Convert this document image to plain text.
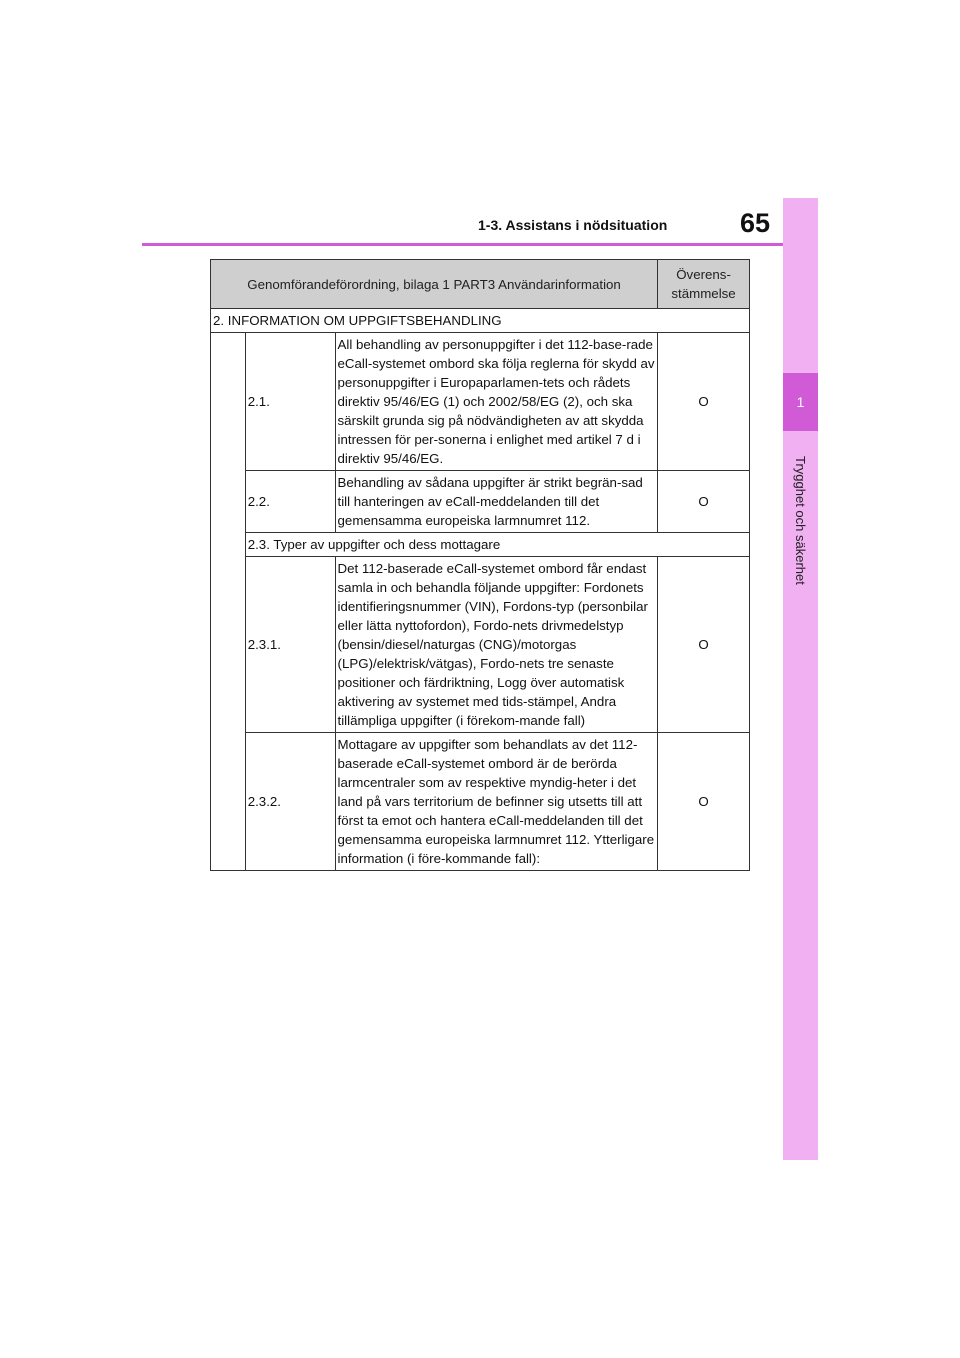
1
Trygghet och säkerhet
1-3. Assistans i nödsituation	65
Genomförandeförordning, bilaga 1 PART3 Användarinformation			Överens-stämmelse
2. INFORMATION OM UPPGIFTSBEHANDLING			
	2.1.	All behandling av personuppgifter i det 112-base-rade eCall-systemet ombord ska följa reglerna för skydd av personuppgifter i Europaparlamen-tets och rådets direktiv 95/46/EG (1) och 2002/58/EG (2), och ska särskilt grunda sig på nödvändigheten av att skydda intressen för per-sonerna i enlighet med artikel 7 d i direktiv 95/46/EG.	O
	2.2.	Behandling av sådana uppgifter är strikt begrän-sad till hanteringen av eCall-meddelanden till det gemensamma europeiska larmnumret 112.	O
	2.3. Typer av uppgifter och dess mottagare		
	2.3.1.	Det 112-baserade eCall-systemet ombord får endast samla in och behandla följande uppgifter: Fordonets identifieringsnummer (VIN), Fordons-typ (personbilar eller lätta nyttofordon), Fordo-nets drivmedelstyp (bensin/diesel/naturgas (CNG)/motorgas (LPG)/elektrisk/vätgas), Fordo-nets tre senaste positioner och färdriktning, Logg över automatisk aktivering av systemet med tids-stämpel, Andra tillämpliga uppgifter (i förekom-mande fall)	O
	2.3.2.	Mottagare av uppgifter som behandlats av det 112-baserade eCall-systemet ombord är de berörda larmcentraler som av respektive myndig-heter i det land på vars territorium de befinner sig utsetts till att först ta emot och hantera eCall-meddelanden till det gemensamma europeiska larmnumret 112. Ytterligare information (i före-kommande fall):	O
